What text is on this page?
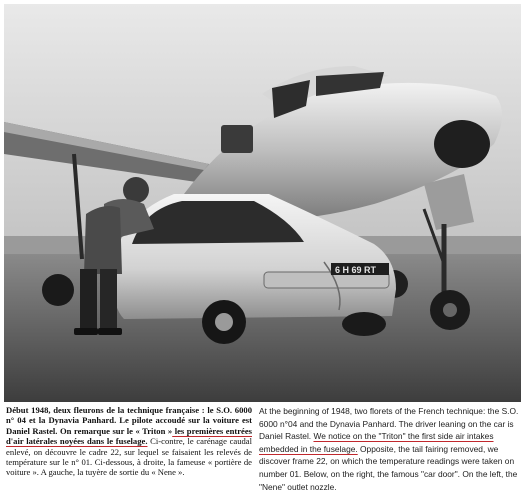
6 H 69 RT
Début 1948, deux fleurons de la technique française : le S.O. 6000 n° 04 et la Dynavia Panhard. Le pilote accoudé sur la voiture est Daniel Rastel. On remarque sur le « Triton » les premières entrées d'air latérales noyées dans le fuselage. Ci-contre, le carénage caudal enlevé, on découvre le cadre 22, sur lequel se faisaient les relevés de température sur le n° 01. Ci-dessous, à droite, la fameuse « portière de voiture ». A gauche, la tuyère de sortie du « Nene ».
At the beginning of 1948, two florets of the French technique: the S.O. 6000 n°04 and the Dynavia Panhard. The driver leaning on the car is Daniel Rastel. We notice on the "Triton" the first side air intakes embedded in the fuselage. Opposite, the tail fairing removed, we discover frame 22, on which the temperature readings were taken on number 01. Below, on the right, the famous "car door". On the left, the "Nene" outlet nozzle.
